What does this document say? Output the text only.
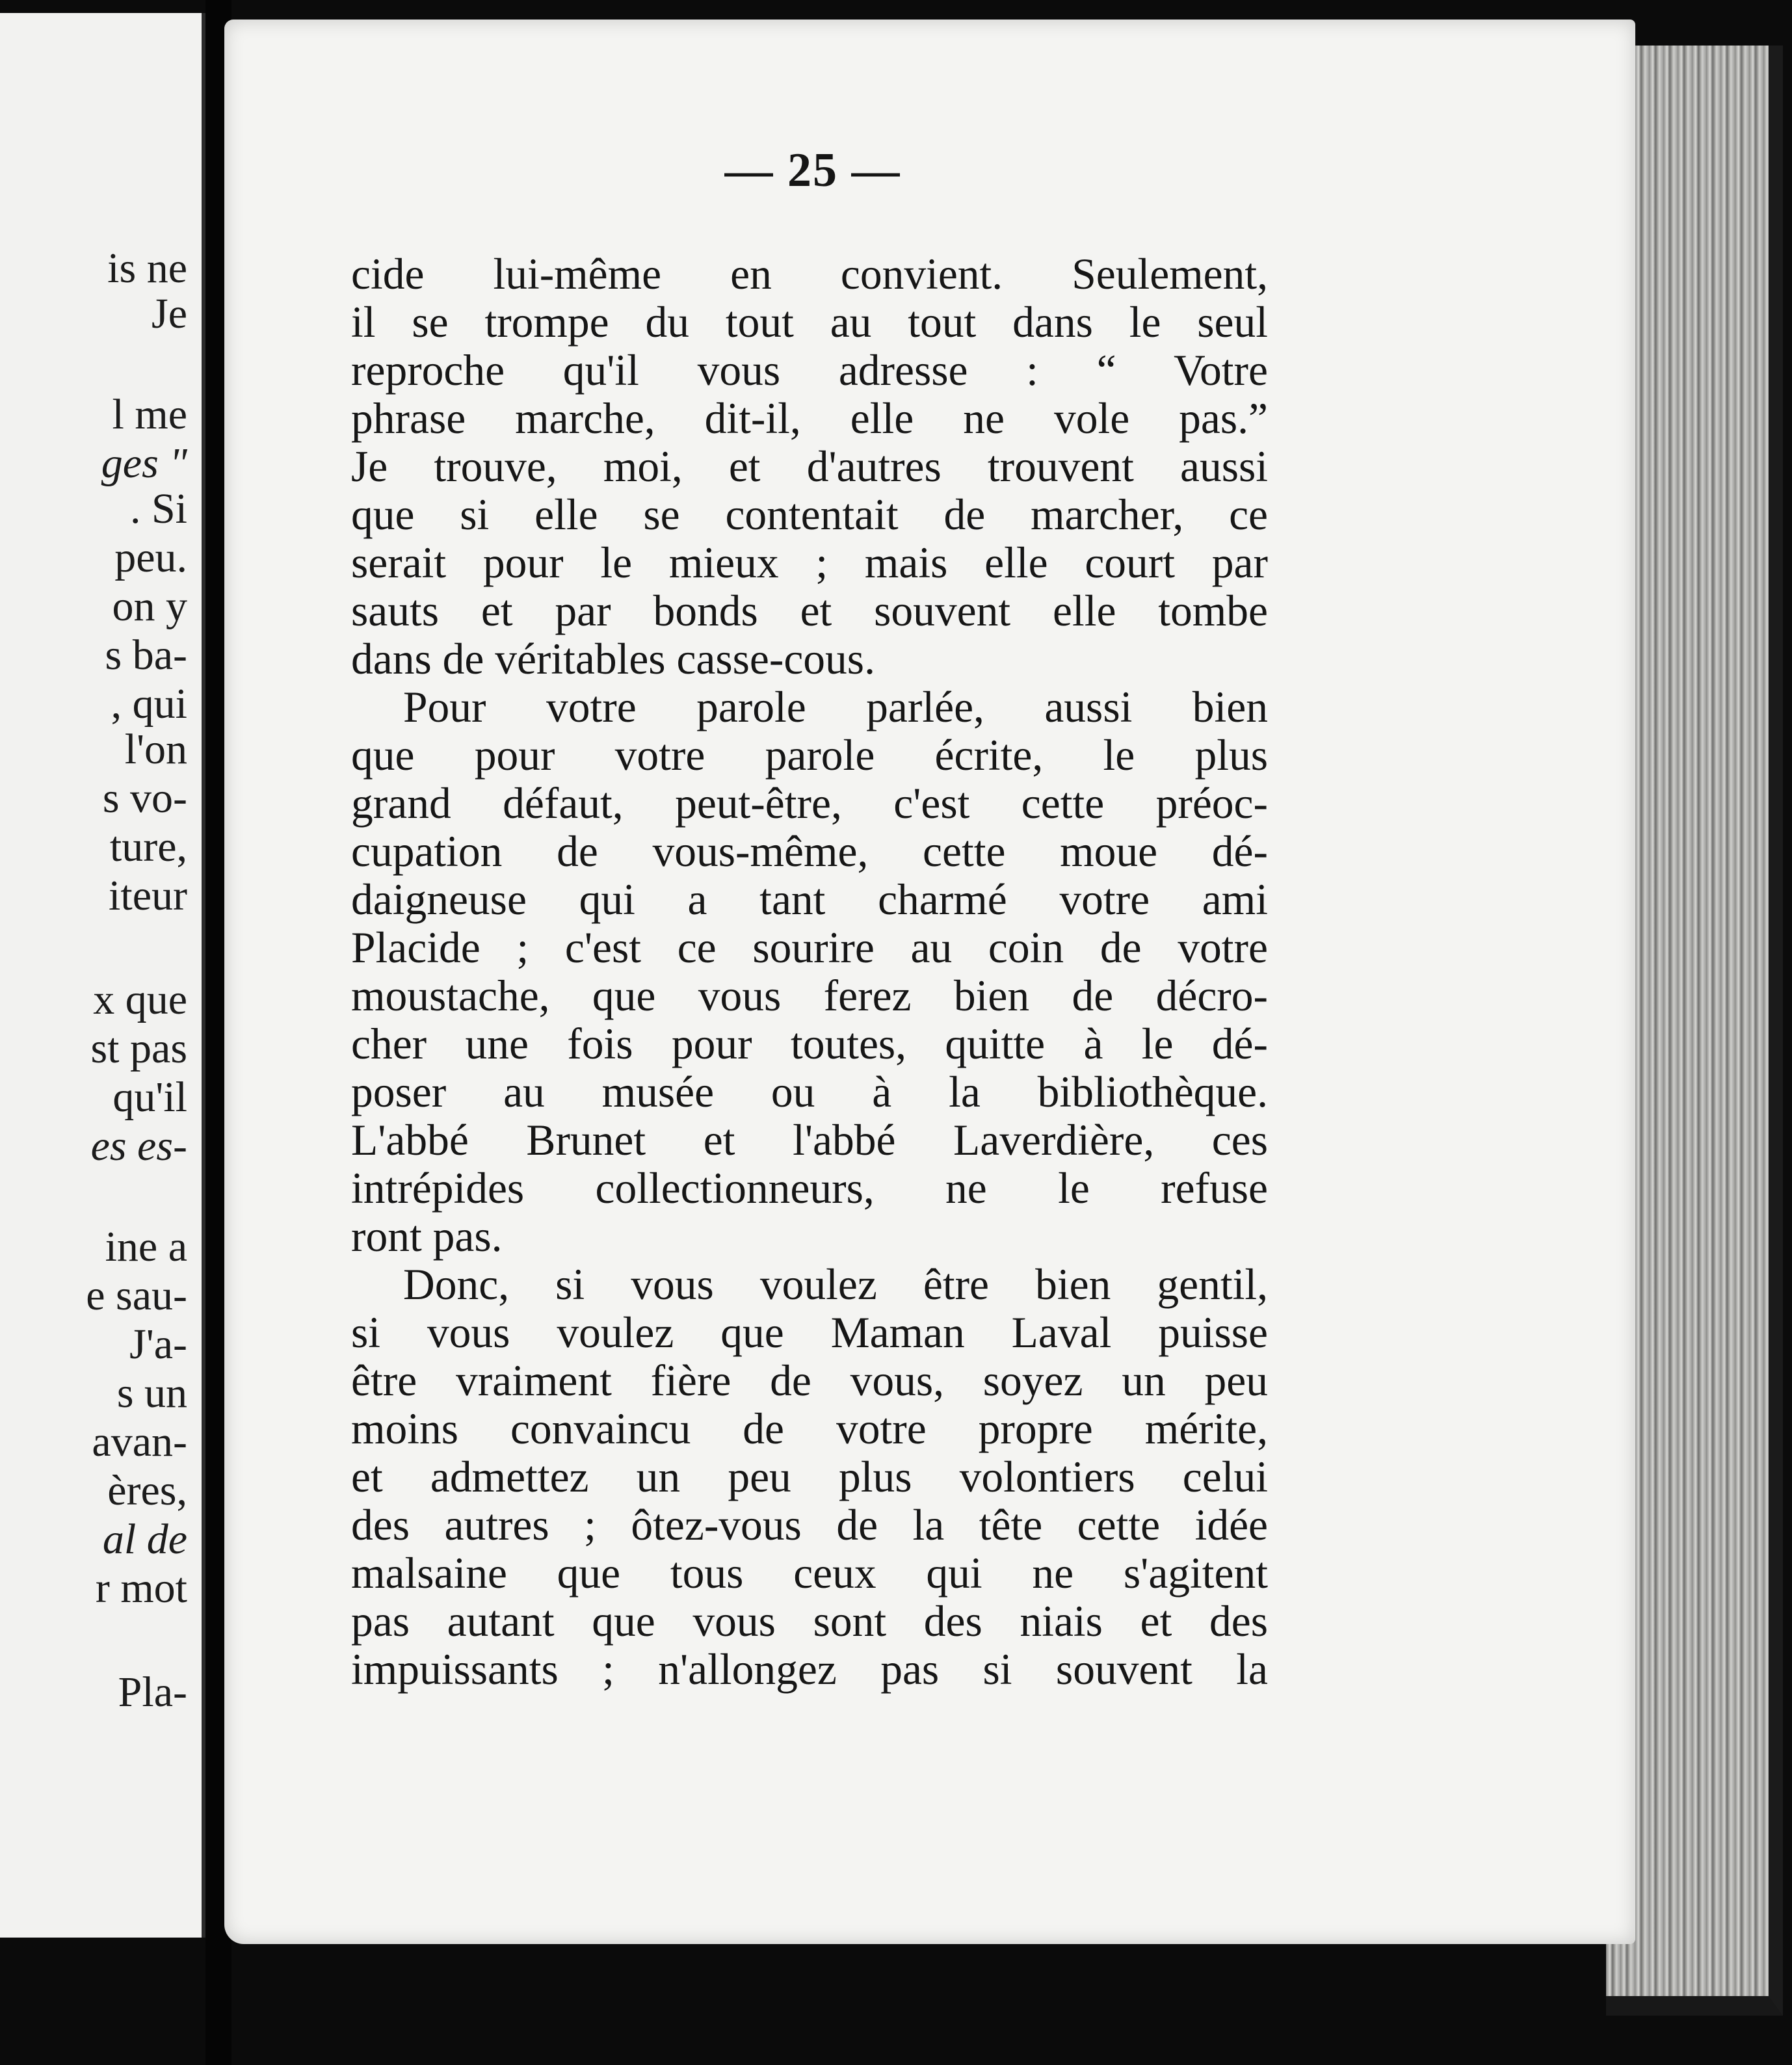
is ne
Je
l me
ges "
. Si
peu.
on y
s ba-
, qui
l'on
s vo-
ture,
iteur
x que
st pas
qu'il
es es-
ine a
e sau-
J'a-
s un
avan-
ères,
al de
r mot
Pla-
— 25 —
cide lui-même en convient. Seulement,
il se trompe du tout au tout dans le seul
reproche qu'il vous adresse : “ Votre
phrase marche, dit-il, elle ne vole pas.”
Je trouve, moi, et d'autres trouvent aussi
que si elle se contentait de marcher, ce
serait pour le mieux ; mais elle court par
sauts et par bonds et souvent elle tombe
dans de véritables casse-cous.
Pour votre parole parlée, aussi bien
que pour votre parole écrite, le plus
grand défaut, peut-être, c'est cette préoc-
cupation de vous-même, cette moue dé-
daigneuse qui a tant charmé votre ami
Placide ; c'est ce sourire au coin de votre
moustache, que vous ferez bien de décro-
cher une fois pour toutes, quitte à le dé-
poser au musée ou à la bibliothèque.
L'abbé Brunet et l'abbé Laverdière, ces
intrépides collectionneurs, ne le refuse
ront pas.
Donc, si vous voulez être bien gentil,
si vous voulez que Maman Laval puisse
être vraiment fière de vous, soyez un peu
moins convaincu de votre propre mérite,
et admettez un peu plus volontiers celui
des autres ; ôtez-vous de la tête cette idée
malsaine que tous ceux qui ne s'agitent
pas autant que vous sont des niais et des
impuissants ; n'allongez pas si souvent la
